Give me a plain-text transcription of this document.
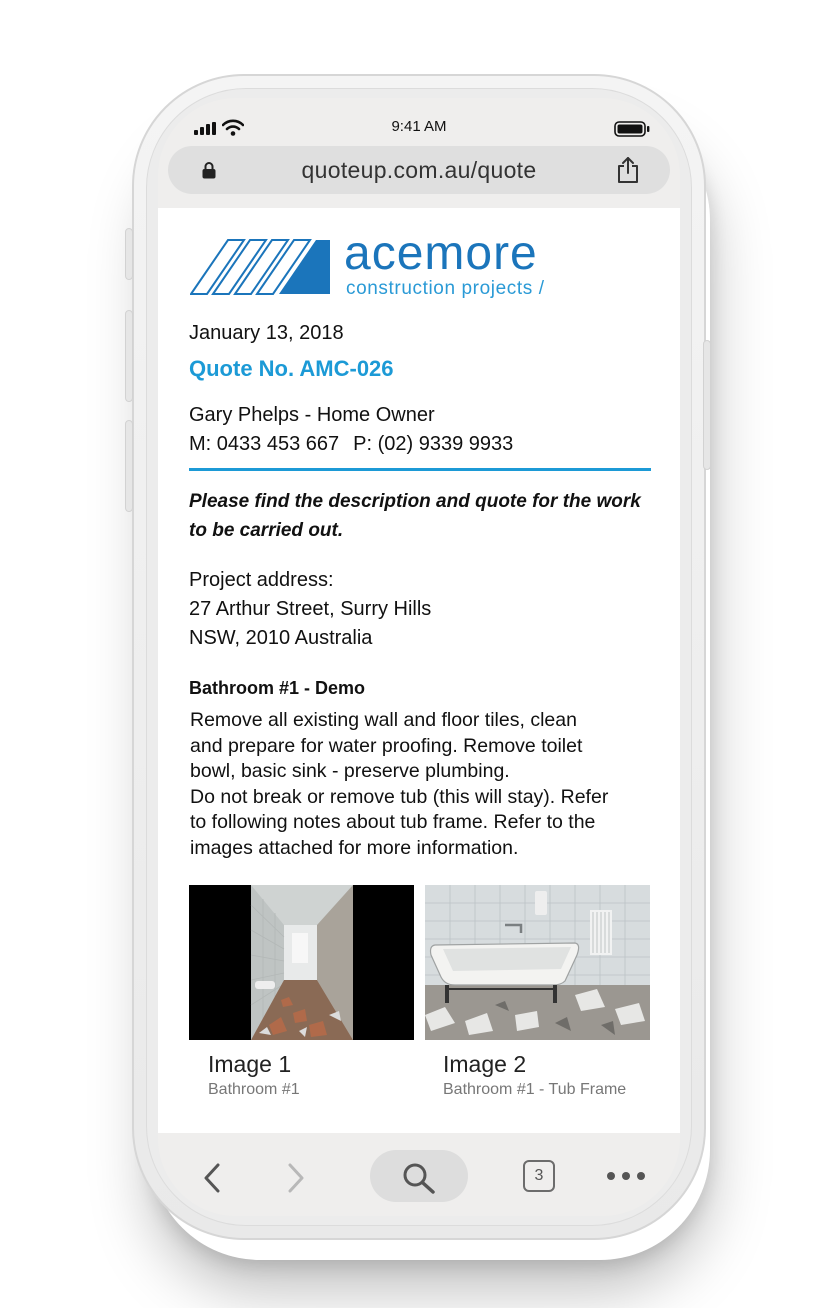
9:41 AM
quoteup.com.au/quote
acemore
construction projects /
January 13, 2018
Quote No. AMC-026
Gary Phelps - Home Owner
M: 0433 453 667 P: (02) 9339 9933
Please find the description and quote for the work to be carried out.
Project address:
27 Arthur Street, Surry Hills
NSW, 2010 Australia
Bathroom #1 - Demo
Remove all existing wall and floor tiles, clean
and prepare for water proofing. Remove toilet
bowl, basic sink - preserve plumbing.
Do not break or remove tub (this will stay). Refer
to following notes about tub frame. Refer to the
images attached for more information.
Image 1
Bathroom #1
Image 2
Bathroom #1 - Tub Frame
3
